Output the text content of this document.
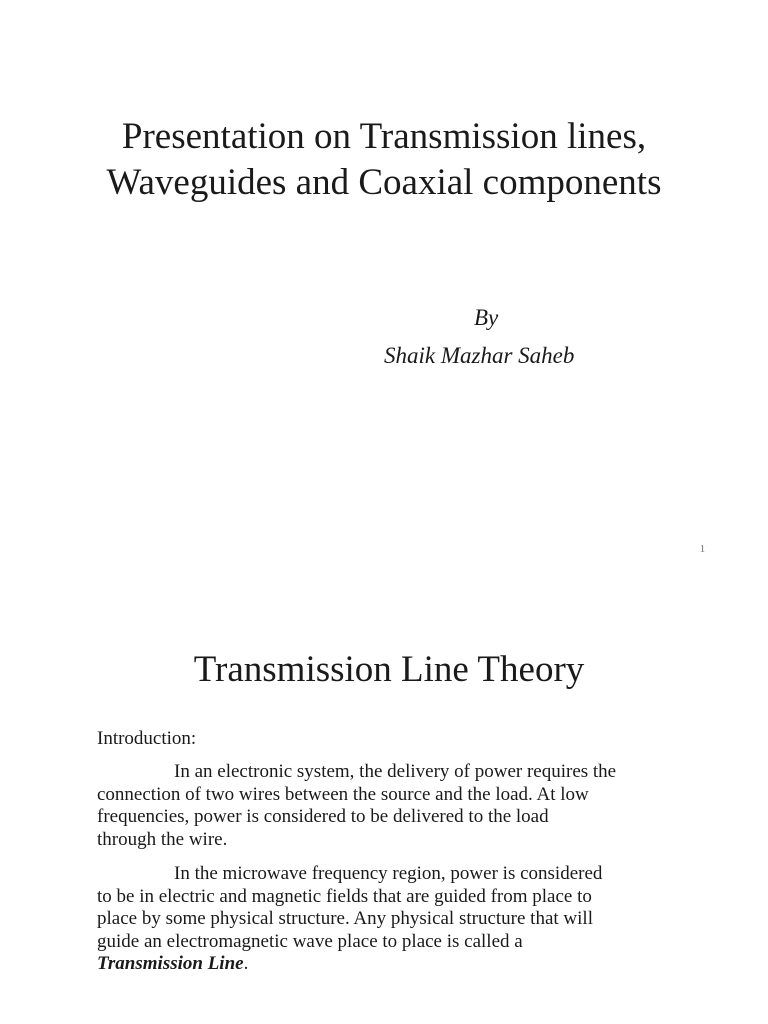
Presentation on Transmission lines,
Waveguides and Coaxial components
By
Shaik Mazhar Saheb
1
Transmission Line Theory
Introduction:
In an electronic system, the delivery of power requires the
connection of two wires between the source and the load. At low
frequencies, power is considered to be delivered to the load
through the wire.
In the microwave frequency region, power is considered
to be in electric and magnetic fields that are guided from place to
place by some physical structure. Any physical structure that will
guide an electromagnetic wave place to place is called a
Transmission Line.
